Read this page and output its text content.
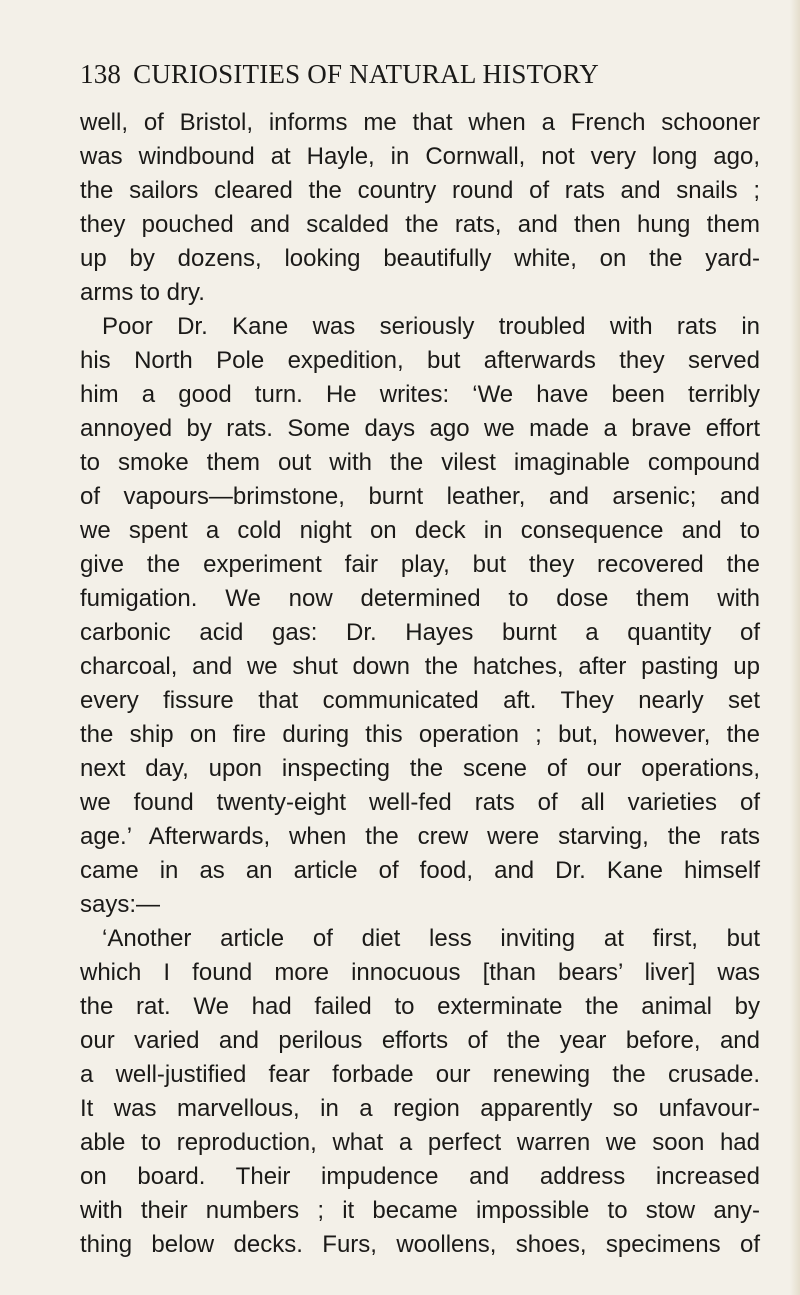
138 CURIOSITIES OF NATURAL HISTORY
well, of Bristol, informs me that when a French schooner
was windbound at Hayle, in Cornwall, not very long ago,
the sailors cleared the country round of rats and snails ;
they pouched and scalded the rats, and then hung them
up by dozens, looking beautifully white, on the yard-
arms to dry.
Poor Dr. Kane was seriously troubled with rats in
his North Pole expedition, but afterwards they served
him a good turn. He writes: ‘We have been terribly
annoyed by rats. Some days ago we made a brave effort
to smoke them out with the vilest imaginable compound
of vapours—brimstone, burnt leather, and arsenic; and
we spent a cold night on deck in consequence and to
give the experiment fair play, but they recovered the
fumigation. We now determined to dose them with
carbonic acid gas: Dr. Hayes burnt a quantity of
charcoal, and we shut down the hatches, after pasting up
every fissure that communicated aft. They nearly set
the ship on fire during this operation ; but, however, the
next day, upon inspecting the scene of our operations,
we found twenty-eight well-fed rats of all varieties of
age.’ Afterwards, when the crew were starving, the rats
came in as an article of food, and Dr. Kane himself
says:—
‘Another article of diet less inviting at first, but
which I found more innocuous [than bears’ liver] was
the rat. We had failed to exterminate the animal by
our varied and perilous efforts of the year before, and
a well-justified fear forbade our renewing the crusade.
It was marvellous, in a region apparently so unfavour-
able to reproduction, what a perfect warren we soon had
on board. Their impudence and address increased
with their numbers ; it became impossible to stow any-
thing below decks. Furs, woollens, shoes, specimens of
